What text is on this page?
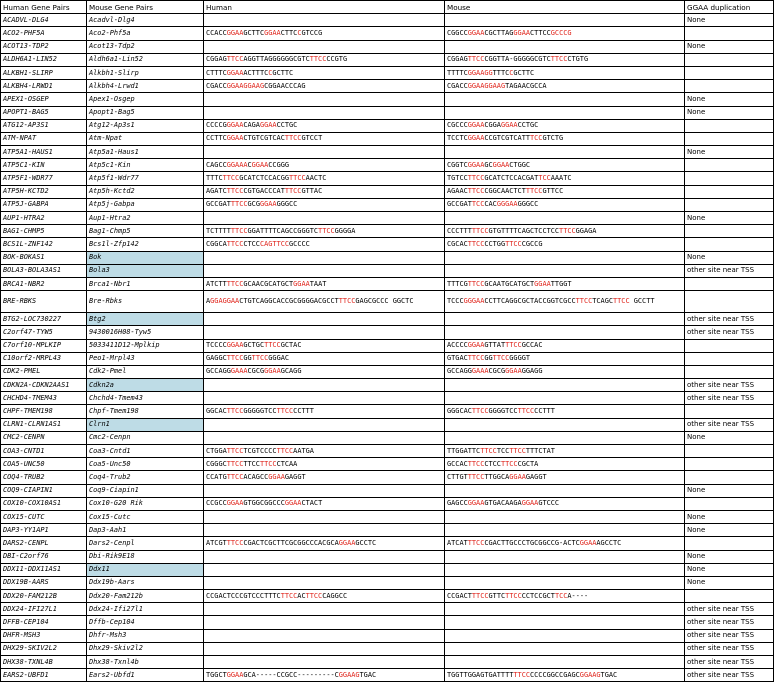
Human Gene Pairs	Mouse Gene Pairs	Human	Mouse	GGAA duplication
ACADVL-DLG4	Acadvl-Dlg4			None
ACO2-PHF5A	Aco2-Phf5a	CCACCGGAAGCTTCGGAACTTCCGTCCG	CGGCCGGAACGCTTAGGGAACTTCCGCCCG	
ACOT13-TDP2	Acot13-Tdp2			None
ALDH6A1-LIN52	Aldh6a1-Lin52	CGGAGTTCCAGGTTAGGGGGGCGTCTTCCCCGTG	CGGAGTTCCCGGTTA-GGGGGCGTCTTCCCTGTG	
ALKBH1-SLIRP	Alkbh1-Slirp	CTTTCGGAAACTTTCCGCTTC	TTTTCGGAAGGTTTCCGCTTC	
ALKBH4-LRWD1	Alkbh4-Lrwd1	CGACCGGAAGGAAGCGGAACCCAG	CGACCGGAAGGAAGTAGAACGCCA	
APEX1-OSGEP	Apex1-Osgep			None
APOPT1-BAG5	Apopt1-Bag5			None
ATG12-AP3S1	Atg12-Ap3s1	CCCCGGGAACAGAGGAACCTGC	CGCCCGGAACGGAGGAACCTGC	
ATM-NPAT	Atm-Npat	CCTTCGGAACTGTCGTCACTTCCGTCCT	TCCTCGGAACCGTCGTCATTTCCGTCTG	
ATP5A1-HAUS1	Atp5a1-Haus1			None
ATP5C1-KIN	Atp5c1-Kin	CAGCCGGAAACGGAACCGGG	CGGTCGGAAGCGGAACTGGC	
ATP5F1-WDR77	Atp5f1-Wdr77	TTTCTTCCGCATCTCCACGGTTCCAACTC	TGTCCTTCCGCATCTCCACGATTCCAAATC	
ATP5H-KCTD2	Atp5h-Kctd2	AGATCTTCCCGTGACCCATTTCCGTTAC	AGAACTTCCCGGCAACTCTTTCCGTTCC	
ATP5J-GABPA	Atp5j-Gabpa	GCCGATTTCCGCGGGAAGGGCC	GCCGATTCCCACGGGAAGGGCC	
AUP1-HTRA2	Aup1-Htra2			None
BAG1-CHMP5	Bag1-Chmp5	TCTTTTTTCCGGATTTTCAGCCGGGTCTTCCGGGGA	CCCTTTTTCCGTGTTTTCAGCTCCTCCTTCCGGAGA	
BCS1L-ZNF142	Bcs1l-Zfp142	CGGCATTCCCTCCCAGTTCCGCCCC	CGCACTTCCCCTGGTTCCCGCCG	
BOK-BOKAS1	Bok			None
BOLA3-BOLA3AS1	Bola3			other site near TSS
BRCA1-NBR2	Brca1-Nbr1	ATCTTTTCCGCAACGCATGCTGGAATAAT	TTTCGTTCCGCAATGCATGCTGGAATTGGT	
BRE-RBKS	Bre-Rbks	AGGAGGAACTGTCAGGCACCGCGGGGACGCCTTTCCGAGCGCCC GGCTC	TCCCGGGAACCTTCAGGCGCTACCGGTCGCCTTCCTCAGCTTCC GCCTT	
BTG2-LOC730227	Btg2			other site near TSS
C2orf47-TYW5	9430016H08-Tyw5			other site near TSS
C7orf10-MPLKIP	5033411D12-Mplkip	TCCCCGGAAGCTGCTTCCGCTAC	ACCCCGGAAGTTATTTCCGCCAC	
C10orf2-MRPL43	Peo1-Mrpl43	GAGGCTTCCGGTTCCGGGAC	GTGACTTCCGGTTCCGGGGT	
CDK2-PMEL	Cdk2-Pmel	GCCAGGGAAACGCGGGAAGCAGG	GCCAGGGAAACGCGGGAAGGAGG	
CDKN2A-CDKN2AAS1	Cdkn2a			other site near TSS
CHCHD4-TMEM43	Chchd4-Tmem43			other site near TSS
CHPF-TMEM198	Chpf-Tmem198	GGCACTTCCGGGGGTCCTTCCCCTTT	GGGCACTTCCGGGGTCCTTCCCCTTT	
CLRN1-CLRN1AS1	Clrn1			other site near TSS
CMC2-CENPN	Cmc2-Cenpn			None
COA3-CNTD1	Coa3-Cntd1	CTGGATTCCTCGTCCCCTTCCAATGA	TTGGATTCTTCCTCCTTCCTTTCTAT	
COA5-UNC50	Coa5-Unc50	CGGGCTTCCTTCCTTCCCTCAA	GCCACTTCCCTCCTTCCCGCTA	
COQ4-TRUB2	Coq4-Trub2	CCATGTTCCACAGCCGGAAGAGGT	CTTGTTTCCTTGGCAGGAAGAGGT	
COQ9-CIAPIN1	Coq9-Ciapin1			None
COX10-COX10AS1	Cox10-G20 Rik	CCGCCGGAAGTGGCGGCCCGGAACTACT	GAGCCGGAAGTGACAAGAGGAAGTCCC	
COX15-CUTC	Cox15-Cutc			None
DAP3-YY1AP1	Dap3-Aah1			None
DARS2-CENPL	Dars2-Cenpl	ATCGTTTCCCGACTCGCTTCGCGGCCCACGCAGGAAGCCTC	ATCATTTCCCGACTTGCCCTGCGGCCG-ACTCGGAAAGCCTC	
DBI-C2orf76	Dbi-Rik9E18			None
DDX11-DDX11AS1	Ddx11			None
DDX19B-AARS	Ddx19b-Aars			None
DDX20-FAM212B	Ddx20-Fam212b	CCGACTCCCGTCCCTTTCTTCCACTTCCCAGGCC	CCGACTTTCCGTTCTTCCCCTCCGCTTCCA----	
DDX24-IFI27L1	Ddx24-Ifi27l1			other site near TSS
DFFB-CEP104	Dffb-Cep104			other site near TSS
DHFR-MSH3	Dhfr-Msh3			other site near TSS
DHX29-SKIV2L2	Dhx29-Skiv2l2			other site near TSS
DHX38-TXNL4B	Dhx38-Txnl4b			other site near TSS
EARS2-UBFD1	Ears2-Ubfd1	TGGCTGGAAGCA-----CCGCC---------CGGAAGTGAC	TGGTTGGAGTGATTTTTTCCCCCCGGCCGAGCGGAAGTGAC	other site near TSS
